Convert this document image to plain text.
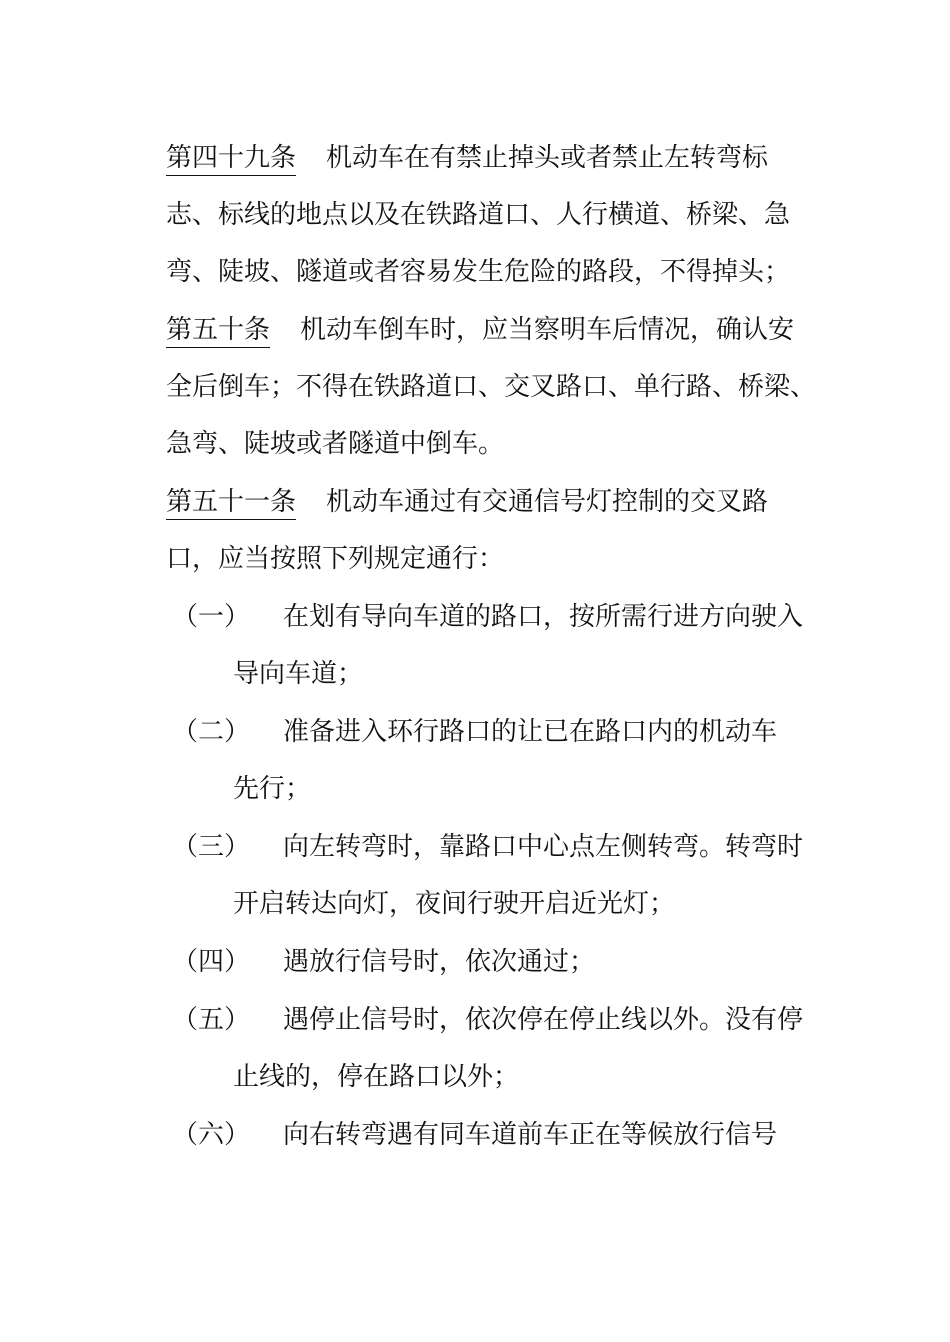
第四十九条 机动车在有禁止掉头或者禁止左转弯标
志、标线的地点以及在铁路道口、人行横道、桥梁、急
弯、陡坡、隧道或者容易发生危险的路段，不得掉头；
第五十条 机动车倒车时，应当察明车后情况，确认安
全后倒车；不得在铁路道口、交叉路口、单行路、桥梁、
急弯、陡坡或者隧道中倒车。
第五十一条 机动车通过有交通信号灯控制的交叉路
口，应当按照下列规定通行：
（一） 在划有导向车道的路口，按所需行进方向驶入
导向车道；
（二） 准备进入环行路口的让已在路口内的机动车
先行；
（三） 向左转弯时，靠路口中心点左侧转弯。转弯时
开启转达向灯，夜间行驶开启近光灯；
（四） 遇放行信号时，依次通过；
（五） 遇停止信号时，依次停在停止线以外。没有停
止线的，停在路口以外；
（六） 向右转弯遇有同车道前车正在等候放行信号
